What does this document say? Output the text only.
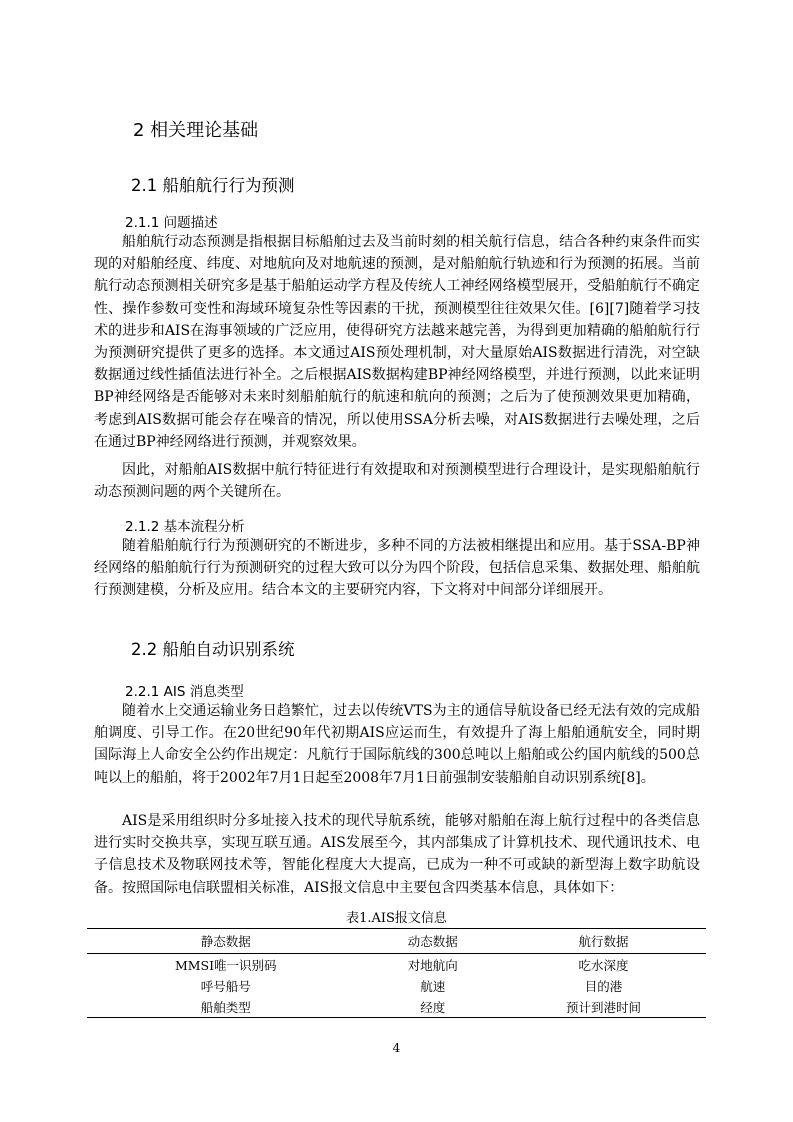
2 相关理论基础
2.1 船舶航行行为预测
2.1.1 问题描述

船舶航行动态预测是指根据目标船舶过去及当前时刻的相关航行信息，结合各种约束条件而实现的对船舶经度、纬度、对地航向及对地航速的预测，是对船舶航行轨迹和行为预测的拓展。当前航行动态预测相关研究多是基于船舶运动学方程及传统人工神经网络模型展开，受船舶航行不确定性、操作参数可变性和海域环境复杂性等因素的干扰，预测模型往往效果欠佳。[6][7]随着学习技术的进步和AIS在海事领域的广泛应用，使得研究方法越来越完善，为得到更加精确的船舶航行行为预测研究提供了更多的选择。本文通过AIS预处理机制，对大量原始AIS数据进行清洗，对空缺数据通过线性插值法进行补全。之后根据AIS数据构建BP神经网络模型，并进行预测，以此来证明BP神经网络是否能够对未来时刻船舶航行的航速和航向的预测；之后为了使预测效果更加精确，考虑到AIS数据可能会存在噪音的情况，所以使用SSA分析去噪，对AIS数据进行去噪处理，之后在通过BP神经网络进行预测，并观察效果。

因此，对船舶AIS数据中航行特征进行有效提取和对预测模型进行合理设计，是实现船舶航行动态预测问题的两个关键所在。

2.1.2 基本流程分析

随着船舶航行行为预测研究的不断进步，多种不同的方法被相继提出和应用。基于SSA-BP神经网络的船舶航行行为预测研究的过程大致可以分为四个阶段，包括信息采集、数据处理、船舶航行预测建模，分析及应用。结合本文的主要研究内容，下文将对中间部分详细展开。

2.2 船舶自动识别系统
2.2.1 AIS 消息类型

随着水上交通运输业务日趋繁忙，过去以传统VTS为主的通信导航设备已经无法有效的完成船舶调度、引导工作。在20世纪90年代初期AIS应运而生，有效提升了海上船舶通航安全，同时期国际海上人命安全公约作出规定：凡航行于国际航线的300总吨以上船舶或公约国内航线的500总吨以上的船舶，将于2002年7月1日起至2008年7月1日前强制安装船舶自动识别系统[8]。

AIS是采用组织时分多址接入技术的现代导航系统，能够对船舶在海上航行过程中的各类信息进行实时交换共享，实现互联互通。AIS发展至今，其内部集成了计算机技术、现代通讯技术、电子信息技术及物联网技术等，智能化程度大大提高，已成为一种不可或缺的新型海上数字助航设备。按照国际电信联盟相关标准，AIS报文信息中主要包含四类基本信息，具体如下：

表1.AIS报文信息
静态数据	动态数据	航行数据
MMSI唯一识别码	对地航向	吃水深度
呼号船号	航速	目的港
船舶类型	经度	预计到港时间
4
